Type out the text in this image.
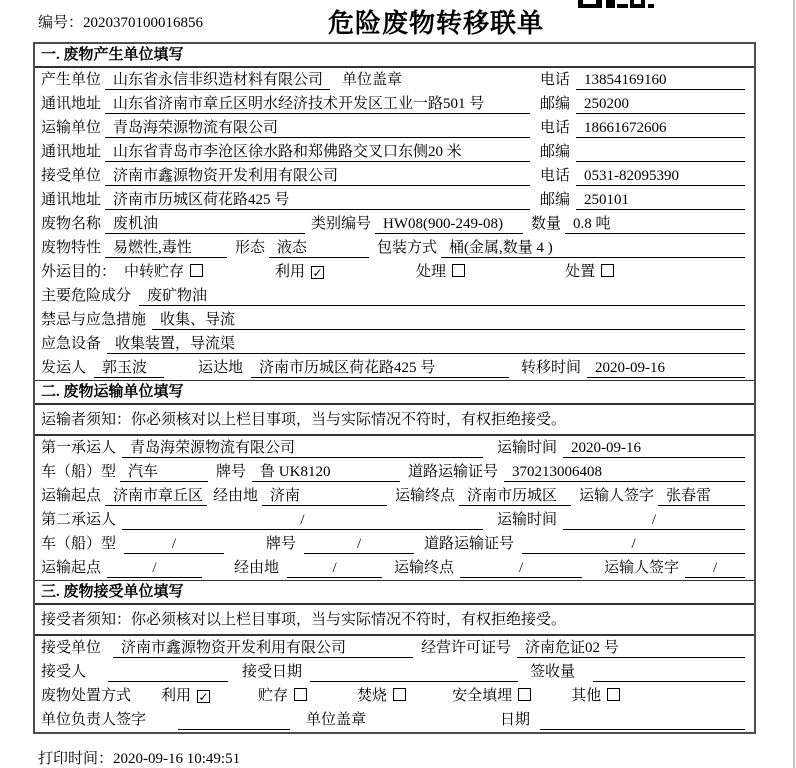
编号：2020370100016856	危险废物转移联单
一. 废物产生单位填写
产生单位 山东省永信非织造材料有限公司	单位盖章	电话 13854169160
通讯地址 山东省济南市章丘区明水经济技术开发区工业一路501 号	邮编 250200
运输单位 青岛海荣源物流有限公司	电话 18661672606
通讯地址 山东省青岛市李沧区徐水路和郑佛路交叉口东侧20 米	邮编
接受单位 济南市鑫源物资开发利用有限公司	电话 0531-82095390
通讯地址 济南市历城区荷花路425 号	邮编 250101
废物名称 废机油	类别编号 HW08(900-249-08)	数量 0.8 吨
废物特性 易燃性,毒性	形态 液态	包装方式 桶(金属,数量 4 )
外运目的： 中转贮存	利用 ✓	处理	处置
主要危险成分	废矿物油
禁忌与应急措施 收集、导流
应急设备 收集装置，导流渠
发运人	郭玉波	运达地	济南市历城区荷花路425 号	转移时间 2020-09-16
二. 废物运输单位填写
运输者须知：你必须核对以上栏目事项，当与实际情况不符时，有权拒绝接受。
第一承运人 青岛海荣源物流有限公司	运输时间 2020-09-16
车（船）型 汽车	牌号 鲁 UK8120	道路运输证号 370213006408
运输起点 济南市章丘区 经由地 济南	运输终点 济南市历城区	运输人签字 张春雷
第二承运人	/	运输时间	/
车（船）型	/	牌号	/	道路运输证号	/
运输起点	/	经由地	/	运输终点	/	运输人签字	/
三. 废物接受单位填写
接受者须知：你必须核对以上栏目事项，当与实际情况不符时，有权拒绝接受。
接受单位	济南市鑫源物资开发利用有限公司	经营许可证号 济南危证02 号
接受人	接受日期	签收量
废物处置方式 利用 ✓	贮存	焚烧	安全填埋	其他
单位负责人签字	单位盖章	日期
打印时间：2020-09-16 10:49:51
